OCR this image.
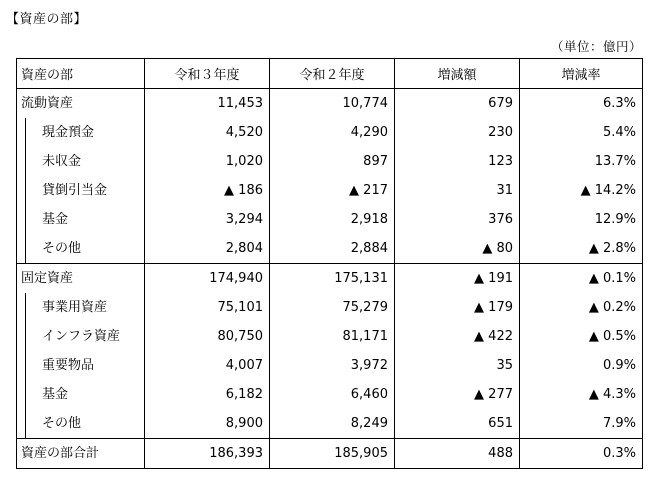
【資産の部】
（単位：億円）
資産の部	令和３年度	令和２年度	増減額	増減率
流動資産	11,453	10,774	679	6.3%

現金預金	4,520	4,290	230	5.4%

未収金	1,020	897	123	13.7%

貸倒引当金	▲ 186	▲ 217	31	▲ 14.2%

基金	3,294	2,918	376	12.9%

その他	2,804	2,884	▲ 80	▲ 2.8%
固定資産	174,940	175,131	▲ 191	▲ 0.1%

事業用資産	75,101	75,279	▲ 179	▲ 0.2%

インフラ資産	80,750	81,171	▲ 422	▲ 0.5%

重要物品	4,007	3,972	35	0.9%

基金	6,182	6,460	▲ 277	▲ 4.3%

その他	8,900	8,249	651	7.9%
資産の部合計	186,393	185,905	488	0.3%
